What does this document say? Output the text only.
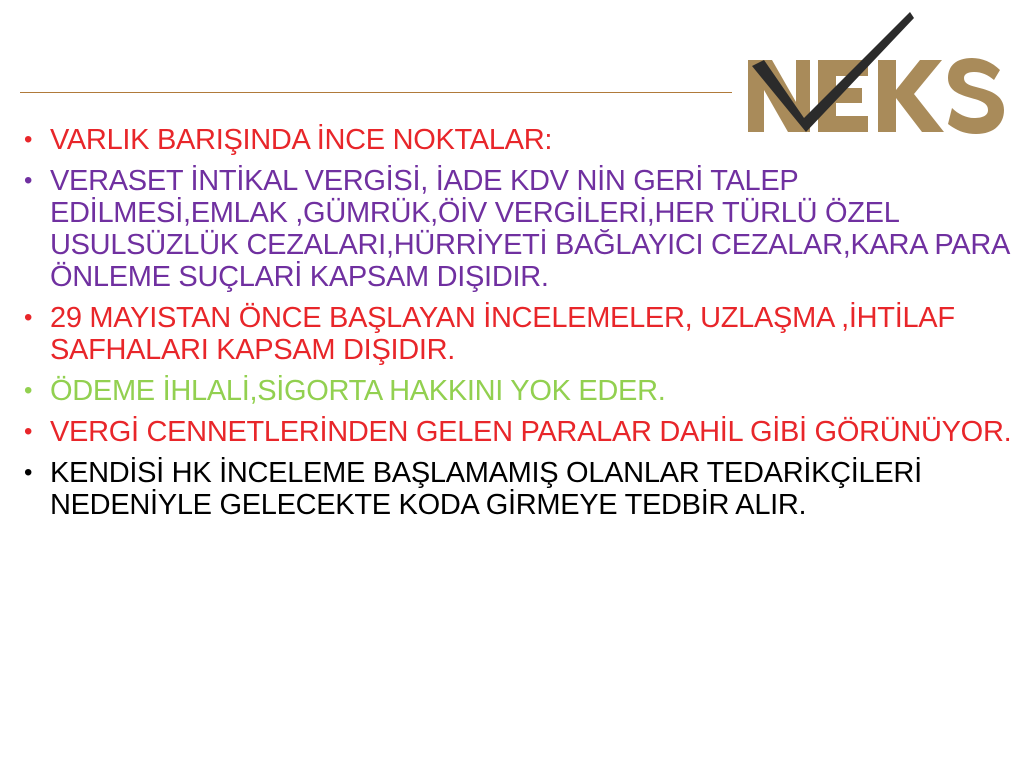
• VARLIK BARIŞINDA İNCE NOKTALAR:
• VERASET İNTİKAL VERGİSİ, İADE KDV NİN GERİ TALEP EDİLMESİ,EMLAK ,GÜMRÜK,ÖİV VERGİLERİ,HER TÜRLÜ ÖZEL USULSÜZLÜK CEZALARI,HÜRRİYETİ BAĞLAYICI CEZALAR,KARA PARA ÖNLEME SUÇLARİ KAPSAM DIŞIDIR.
• 29 MAYISTAN ÖNCE BAŞLAYAN İNCELEMELER, UZLAŞMA ,İHTİLAF SAFHALARI KAPSAM DIŞIDIR.
• ÖDEME İHLALİ,SİGORTA HAKKINI YOK EDER.
• VERGİ CENNETLERİNDEN GELEN PARALAR DAHİL GİBİ GÖRÜNÜYOR.
• KENDİSİ HK İNCELEME BAŞLAMAMIŞ OLANLAR TEDARİKÇİLERİ NEDENİYLE GELECEKTE KODA GİRMEYE TEDBİR ALIR.
